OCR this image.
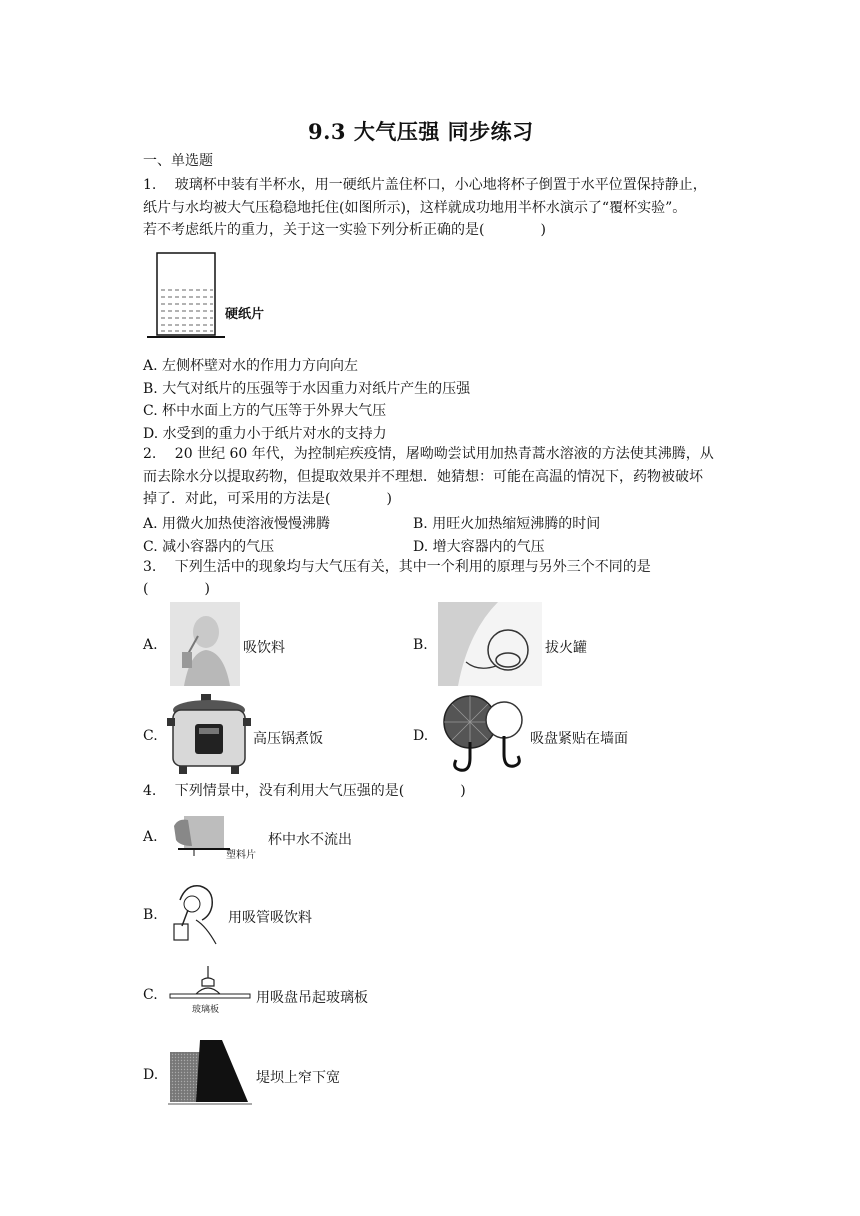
9.3 大气压强 同步练习
一、单选题
1.　 玻璃杯中装有半杯水，用一硬纸片盖住杯口，小心地将杯子倒置于水平位置保持静止，
纸片与水均被大气压稳稳地托住(如图所示)，这样就成功地用半杯水演示了“覆杯实验”。
若不考虑纸片的重力，关于这一实验下列分析正确的是(　　　　)
硬纸片
A. 左侧杯壁对水的作用力方向向左
B. 大气对纸片的压强等于水因重力对纸片产生的压强
C. 杯中水面上方的气压等于外界大气压
D. 水受到的重力小于纸片对水的支持力
2.　 20 世纪 60 年代，为控制疟疾疫情，屠呦呦尝试用加热青蒿水溶液的方法使其沸腾，从
而去除水分以提取药物，但提取效果并不理想．她猜想：可能在高温的情况下，药物被破坏
掉了．对此，可采用的方法是(　　　　)
A. 用微火加热使溶液慢慢沸腾	B. 用旺火加热缩短沸腾的时间
C. 减小容器内的气压	D. 增大容器内的气压
3.　 下列生活中的现象均与大气压有关，其中一个利用的原理与另外三个不同的是
(　　　　)
A.	吸饮料	B.	拔火罐
C.	高压锅煮饭	D.	吸盘紧贴在墙面
4.　 下列情景中，没有利用大气压强的是(　　　　)
A.
塑料片
杯中水不流出
B.	用吸管吸饮料
C.
玻璃板
用吸盘吊起玻璃板
D.	堤坝上窄下宽
